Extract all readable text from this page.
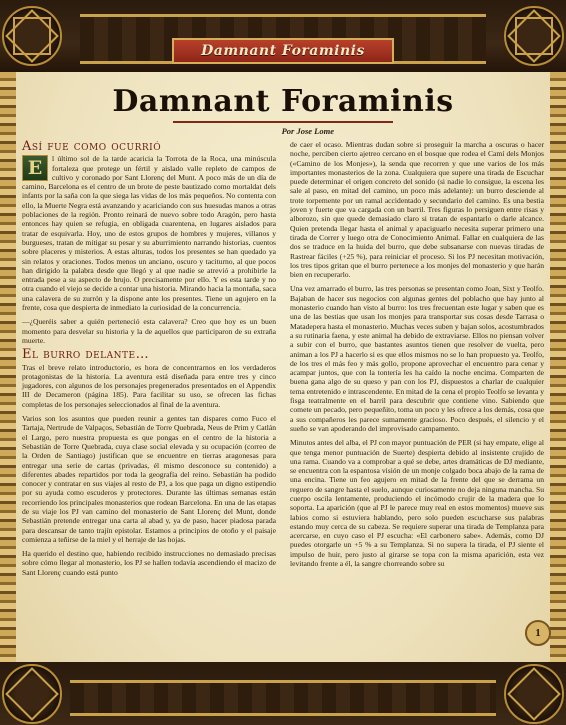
Damnant Foraminis
Damnant Foraminis
Por Jose Lome
Así fue como ocurrió

E	l último sol de la tarde acaricia la Torrota de la Roca, una minúscula fortaleza que protege un fértil y aislado valle repleto de campos de cultivo y coronado por Sant Llorenç del Munt. A poco más de un día de camino, Barcelona es el centro de un brote de peste bautizado como mortaldat dels infants por la saña con la que siega las vidas de los más pequeños. No contenta con ello, la Muerte Negra está avanzando y acariciando con sus huesudas manos a otras poblaciones de la región. Pronto reinará de nuevo sobre todo Aragón, pero hasta entonces hay quien se refugia, en obligada cuarentena, en lugares aislados para tratar de esquivarla. Hoy, uno de estos grupos de hombres y mujeres, villanos y burgueses, tratan de mitigar su pesar y su aburrimiento narrando historias, cuentos sobre placeres y misterios. A estas alturas, todos los presentes se han quedado ya sin relatos y oraciones. Todos menos un anciano, oscuro y taciturno, al que pocos han dirigido la palabra desde que llegó y al que nadie se atrevió a prohibirle la entrada pese a su aspecto de brujo. O precisamente por ello. Y es esta tarde y no otra cuando el viejo se decide a contar una historia. Mirando hacia la montaña, saca una calavera de su zurrón y la dispone ante los presentes. Tiene un agujero en la frente, cosa que despierta de inmediato la curiosidad de la concurrencia.

—¿Queréis saber a quién perteneció esta calavera? Creo que hoy es un buen momento para desvelar su historia y la de aquellos que participaron de su extraña muerte.

El burro delante…

Tras el breve relato introductorio, es hora de concentrarnos en los verdaderos protagonistas de la historia. La aventura está diseñada para entre tres y cinco jugadores, con algunos de los personajes pregenerados presentados en el Appendix III de Decameron (página 185). Para facilitar su uso, se ofrecen las fichas completas de los personajes seleccionados al final de la aventura.

Varios son los asuntos que pueden reunir a gentes tan dispares como Fuco el Tartaja, Nertrude de Valpaços, Sebastián de Torre Quebrada, Neus de Prim y Catlán el Largo, pero nuestra propuesta es que pongas en el centro de la historia a Sebastián de Torre Quebrada, cuya clase social elevada y su ocupación (correo de la Orden de Santiago) justifican que se encuentre en tierras aragonesas para entregar una serie de cartas (privadas, él mismo desconoce su contenido) a diferentes abades repartidos por toda la geografía del reino. Sebastián ha podido conocer y contratar en sus viajes al resto de PJ, a los que paga un digno estipendio por su ayuda como escuderos y protectores. Durante las últimas semanas están recorriendo los principales monasterios que rodean Barcelona. En una de las etapas de su viaje los PJ van camino del monasterio de Sant Llorenç del Munt, donde Sebastián pretende entregar una carta al abad y, ya de paso, hacer piadosa parada para descansar de tanto trajín epistolar. Estamos a principios de otoño y el paisaje comienza a teñirse de la miel y el herraje de las hojas.

Ha querido el destino que, habiendo recibido instrucciones no demasiado precisas sobre cómo llegar al monasterio, los PJ se hallen todavía ascendiendo el macizo de Sant Llorenç cuando está punto

de caer el ocaso. Mientras dudan sobre si proseguir la marcha a oscuras o hacer noche, perciben cierto ajetreo cercano en el bosque que rodea el Camí dels Monjos («Camino de los Monjes»), la senda que recorren y que une varios de los más importantes monasterios de la zona. Cualquiera que supere una tirada de Escuchar puede determinar el origen concreto del sonido (si nadie lo consigue, la escena les sale al paso, en mitad del camino, un poco más adelante): un burro desciende al trote torpemente por un ramal accidentado y secundario del camino. Es una bestia joven y fuerte que va cargada con un barril. Tres figuras lo persiguen entre risas y alborozo, sin que quede demasiado claro si tratan de espantarlo o darle alcance. Quien pretenda llegar hasta el animal y apaciguarlo necesita superar primero una tirada de Correr y luego otra de Conocimiento Animal. Fallar en cualquiera de las dos se traduce en la huida del burro, que debe subsanarse con nuevas tiradas de Rastrear fáciles (+25 %), para reiniciar el proceso. Si los PJ necesitan motivación, los tres tipos gritan que el burro pertenece a los monjes del monasterio y que harán bien en recuperarlo.

Una vez amarrado el burro, las tres personas se presentan como Joan, Sixt y Teolfo. Bajaban de hacer sus negocios con algunas gentes del poblacho que hay junto al monasterio cuando han visto al burro: los tres frecuentan este lugar y saben que es una de las bestias que usan los monjes para transportar sus cosas desde Tarrasa o Matadepera hasta el monasterio. Muchas veces suben y bajan solos, acostumbrados a su rutinaria faena, y este animal ha debido de extraviarse. Ellos no piensan volver a subir con el burro, que bastantes asuntos tienen que resolver de vuelta, pero animan a los PJ a hacerlo si es que ellos mismos no se lo han propuesto ya. Teolfo, de los tres el más feo y más gollo, propone aprovechar el encuentro para cenar y acampar juntos, que con la tontería les ha caído la noche encima. Comparten de buena gana algo de su queso y pan con los PJ, dispuestos a charlar de cualquier tema entretenido e intrascendente. En mitad de la cena el propio Teolfo se levanta y fisga teatralmente en el barril para descubrir que contiene vino. Sabiendo que comete un pecado, pero pequeñito, toma un poco y les ofrece a los demás, cosa que a sus compañeros les parece sumamente gracioso. Poco después, el silencio y el sueño se van apoderando del improvisado campamento.

Minutos antes del alba, el PJ con mayor puntuación de PER (si hay empate, elige al que tenga menor puntuación de Suerte) despierta debido al insistente crujido de una rama. Cuando va a comprobar a qué se debe, artes dramáticas de DJ mediante, se encuentra con la espantosa visión de un monje colgado boca abajo de la rama de una encina. Tiene un feo agujero en mitad de la frente del que se derrama un reguero de sangre hasta el suelo, aunque curiosamente no deja ninguna mancha. Su cuerpo oscila lentamente, produciendo el incómodo crujir de la madera que lo soporta. La aparición (que al PJ le parece muy real en estos momentos) mueve sus labios como si estuviera hablando, pero solo pueden escucharse sus palabras estando muy cerca de su cabeza. Se requiere superar una tirada de Templanza para acercarse, en cuyo caso el PJ escucha: «El carbonero sabe». Además, como DJ puedes otorgarle un +5 % a su Templanza. Si no supera la tirada, el PJ siente el impulso de huir, pero justo al girarse se topa con la misma aparición, esta vez levitando frente a él, la sangre chorreando sobre su

1
